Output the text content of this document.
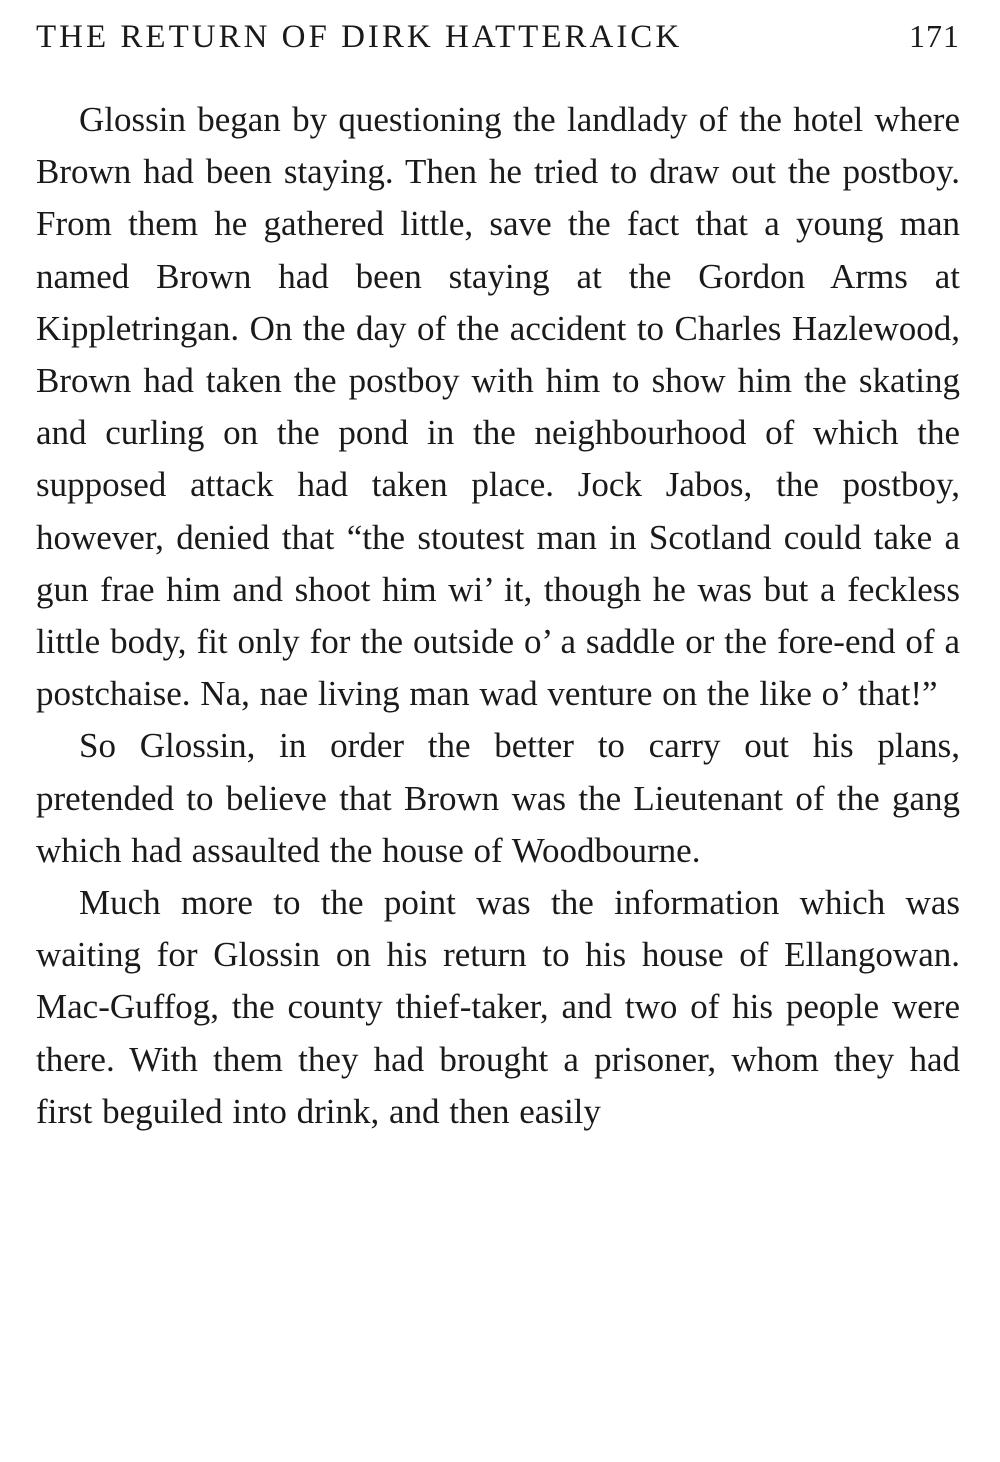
THE RETURN OF DIRK HATTERAICK	171

Glossin began by questioning the landlady of the hotel where Brown had been staying. Then he tried to draw out the postboy. From them he gathered little, save the fact that a young man named Brown had been staying at the Gordon Arms at Kippletringan. On the day of the accident to Charles Hazlewood, Brown had taken the postboy with him to show him the skating and curling on the pond in the neighbourhood of which the supposed attack had taken place. Jock Jabos, the postboy, however, denied that “the stoutest man in Scotland could take a gun frae him and shoot him wi’ it, though he was but a feckless little body, fit only for the outside o’ a saddle or the fore-end of a postchaise. Na, nae living man wad venture on the like o’ that!”

So Glossin, in order the better to carry out his plans, pretended to believe that Brown was the Lieutenant of the gang which had assaulted the house of Woodbourne.

Much more to the point was the information which was waiting for Glossin on his return to his house of Ellangowan. Mac-Guffog, the county thief-taker, and two of his people were there. With them they had brought a prisoner, whom they had first beguiled into drink, and then easily
